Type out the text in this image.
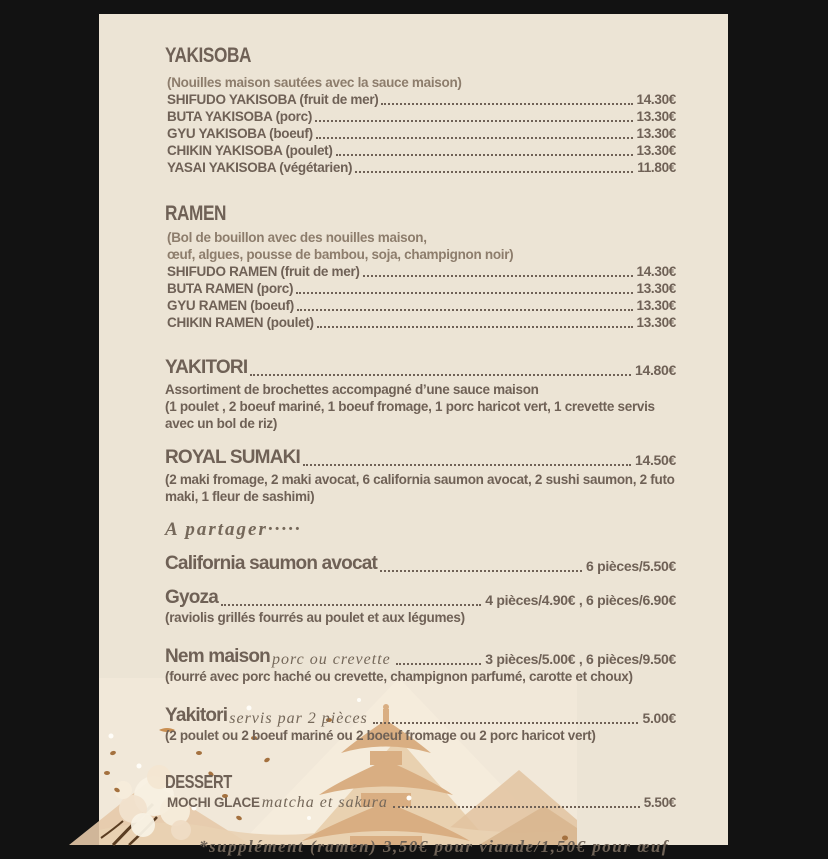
YAKISOBA
(Nouilles maison sautées avec la sauce maison)
SHIFUDO YAKISOBA (fruit de mer)	14.30€
BUTA YAKISOBA (porc)	13.30€
GYU YAKISOBA (boeuf)	13.30€
CHIKIN YAKISOBA (poulet)	13.30€
YASAI YAKISOBA (végétarien)	11.80€
RAMEN
(Bol de bouillon avec des nouilles maison,
œuf, algues, pousse de bambou, soja, champignon noir)
SHIFUDO RAMEN (fruit de mer)	14.30€
BUTA RAMEN (porc)	13.30€
GYU RAMEN (boeuf)	13.30€
CHIKIN RAMEN (poulet)	13.30€
YAKITORI	14.80€
Assortiment de brochettes accompagné d’une sauce maison
(1 poulet , 2 boeuf mariné, 1 boeuf fromage, 1 porc haricot vert, 1 crevette servis avec un bol de riz)
ROYAL SUMAKI	14.50€
(2 maki fromage, 2 maki avocat, 6 california saumon avocat, 2 sushi saumon, 2 futo maki, 1 fleur de sashimi)
A partager·····
California saumon avocat	6 pièces/5.50€
Gyoza	4 pièces/4.90€ , 6 pièces/6.90€
(raviolis grillés fourrés au poulet et aux légumes)
Nem maison porc ou crevette	3 pièces/5.00€ , 6 pièces/9.50€
(fourré avec porc haché ou crevette, champignon parfumé, carotte et choux)
Yakitori servis par 2 pièces	5.00€
(2 poulet ou 2 boeuf mariné ou 2 boeuf fromage ou 2 porc haricot vert)
DESSERT
MOCHI GLACE matcha et sakura	5.50€
*supplément (ramen) 3,50€ pour viande/1,50€ pour œuf
